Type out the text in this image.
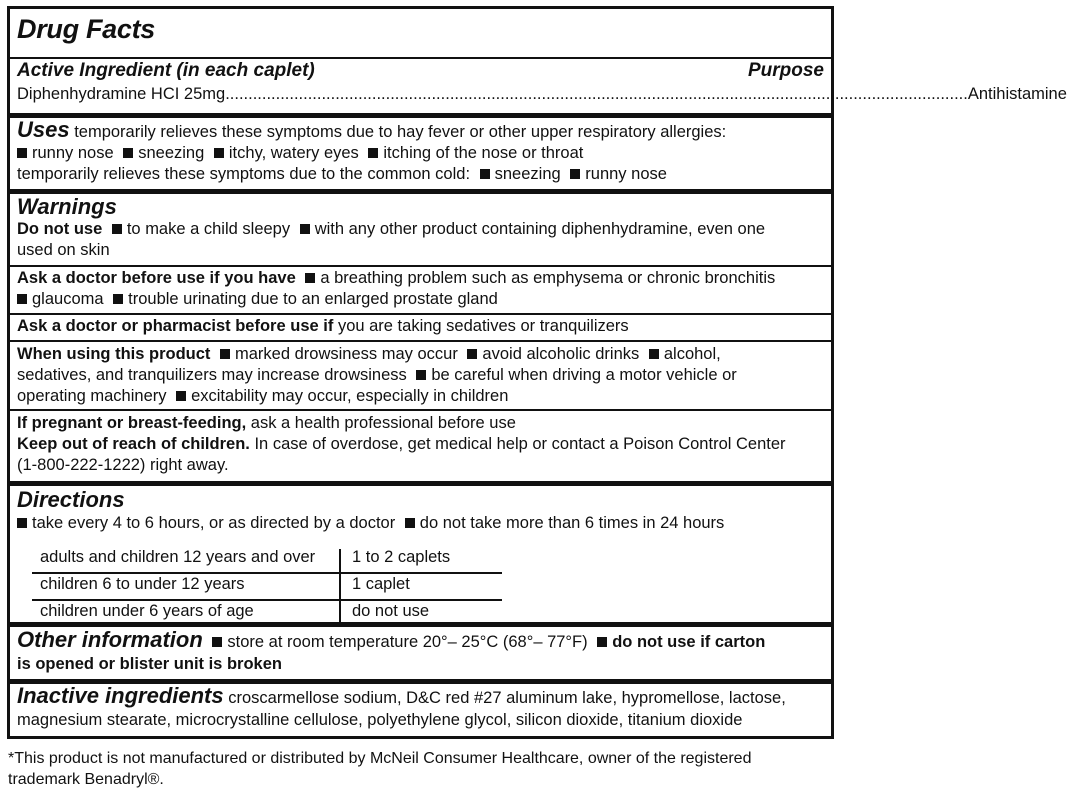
Drug Facts
Active Ingredient (in each caplet)	Purpose
Diphenhydramine HCI 25mg .................................................................................................................................................................. Antihistamine
Uses temporarily relieves these symptoms due to hay fever or other upper respiratory allergies:
runny nose sneezing itchy, watery eyes itching of the nose or throat
temporarily relieves these symptoms due to the common cold: sneezing runny nose
Warnings
Do not use to make a child sleepy with any other product containing diphenhydramine, even one
used on skin
Ask a doctor before use if you have a breathing problem such as emphysema or chronic bronchitis
glaucoma trouble urinating due to an enlarged prostate gland
Ask a doctor or pharmacist before use if you are taking sedatives or tranquilizers
When using this product marked drowsiness may occur avoid alcoholic drinks alcohol,
sedatives, and tranquilizers may increase drowsiness be careful when driving a motor vehicle or
operating machinery excitability may occur, especially in children
If pregnant or breast-feeding, ask a health professional before use
Keep out of reach of children. In case of overdose, get medical help or contact a Poison Control Center
(1-800-222-1222) right away.
Directions
take every 4 to 6 hours, or as directed by a doctor do not take more than 6 times in 24 hours
adults and children 12 years and over 1 to 2 caplets
children 6 to under 12 years	1 caplet
children under 6 years of age	do not use
Other information store at room temperature 20°– 25°C (68°– 77°F) do not use if carton
is opened or blister unit is broken
Inactive ingredients croscarmellose sodium, D&C red #27 aluminum lake, hypromellose, lactose,
magnesium stearate, microcrystalline cellulose, polyethylene glycol, silicon dioxide, titanium dioxide
*This product is not manufactured or distributed by McNeil Consumer Healthcare, owner of the registered
trademark Benadryl®.
